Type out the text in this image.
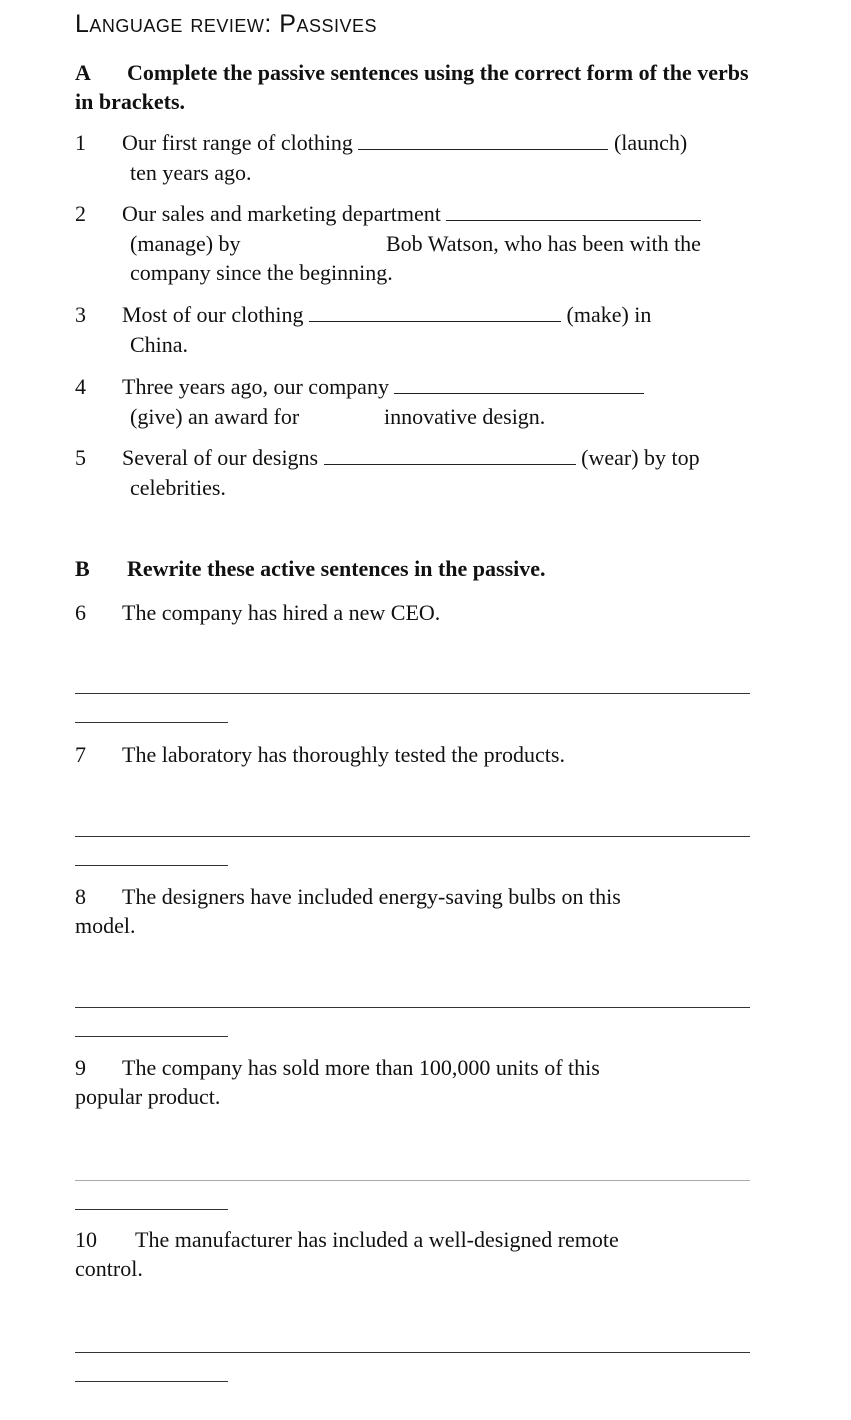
Language review: Passives
A Complete the passive sentences using the correct form of the verbs in brackets.
1 Our first range of clothing	(launch)
ten years ago.
2 Our sales and marketing department
(manage) by	Bob Watson, who has been with the
company since the beginning.
3 Most of our clothing	(make) in
China.
4 Three years ago, our company
(give) an award for	innovative design.
5 Several of our designs	(wear) by top
celebrities.
B Rewrite these active sentences in the passive.
6 The company has hired a new CEO.
7 The laboratory has thoroughly tested the products.
8 The designers have included energy-saving bulbs on this
model.
9 The company has sold more than 100,000 units of this
popular product.
10 The manufacturer has included a well-designed remote
control.
